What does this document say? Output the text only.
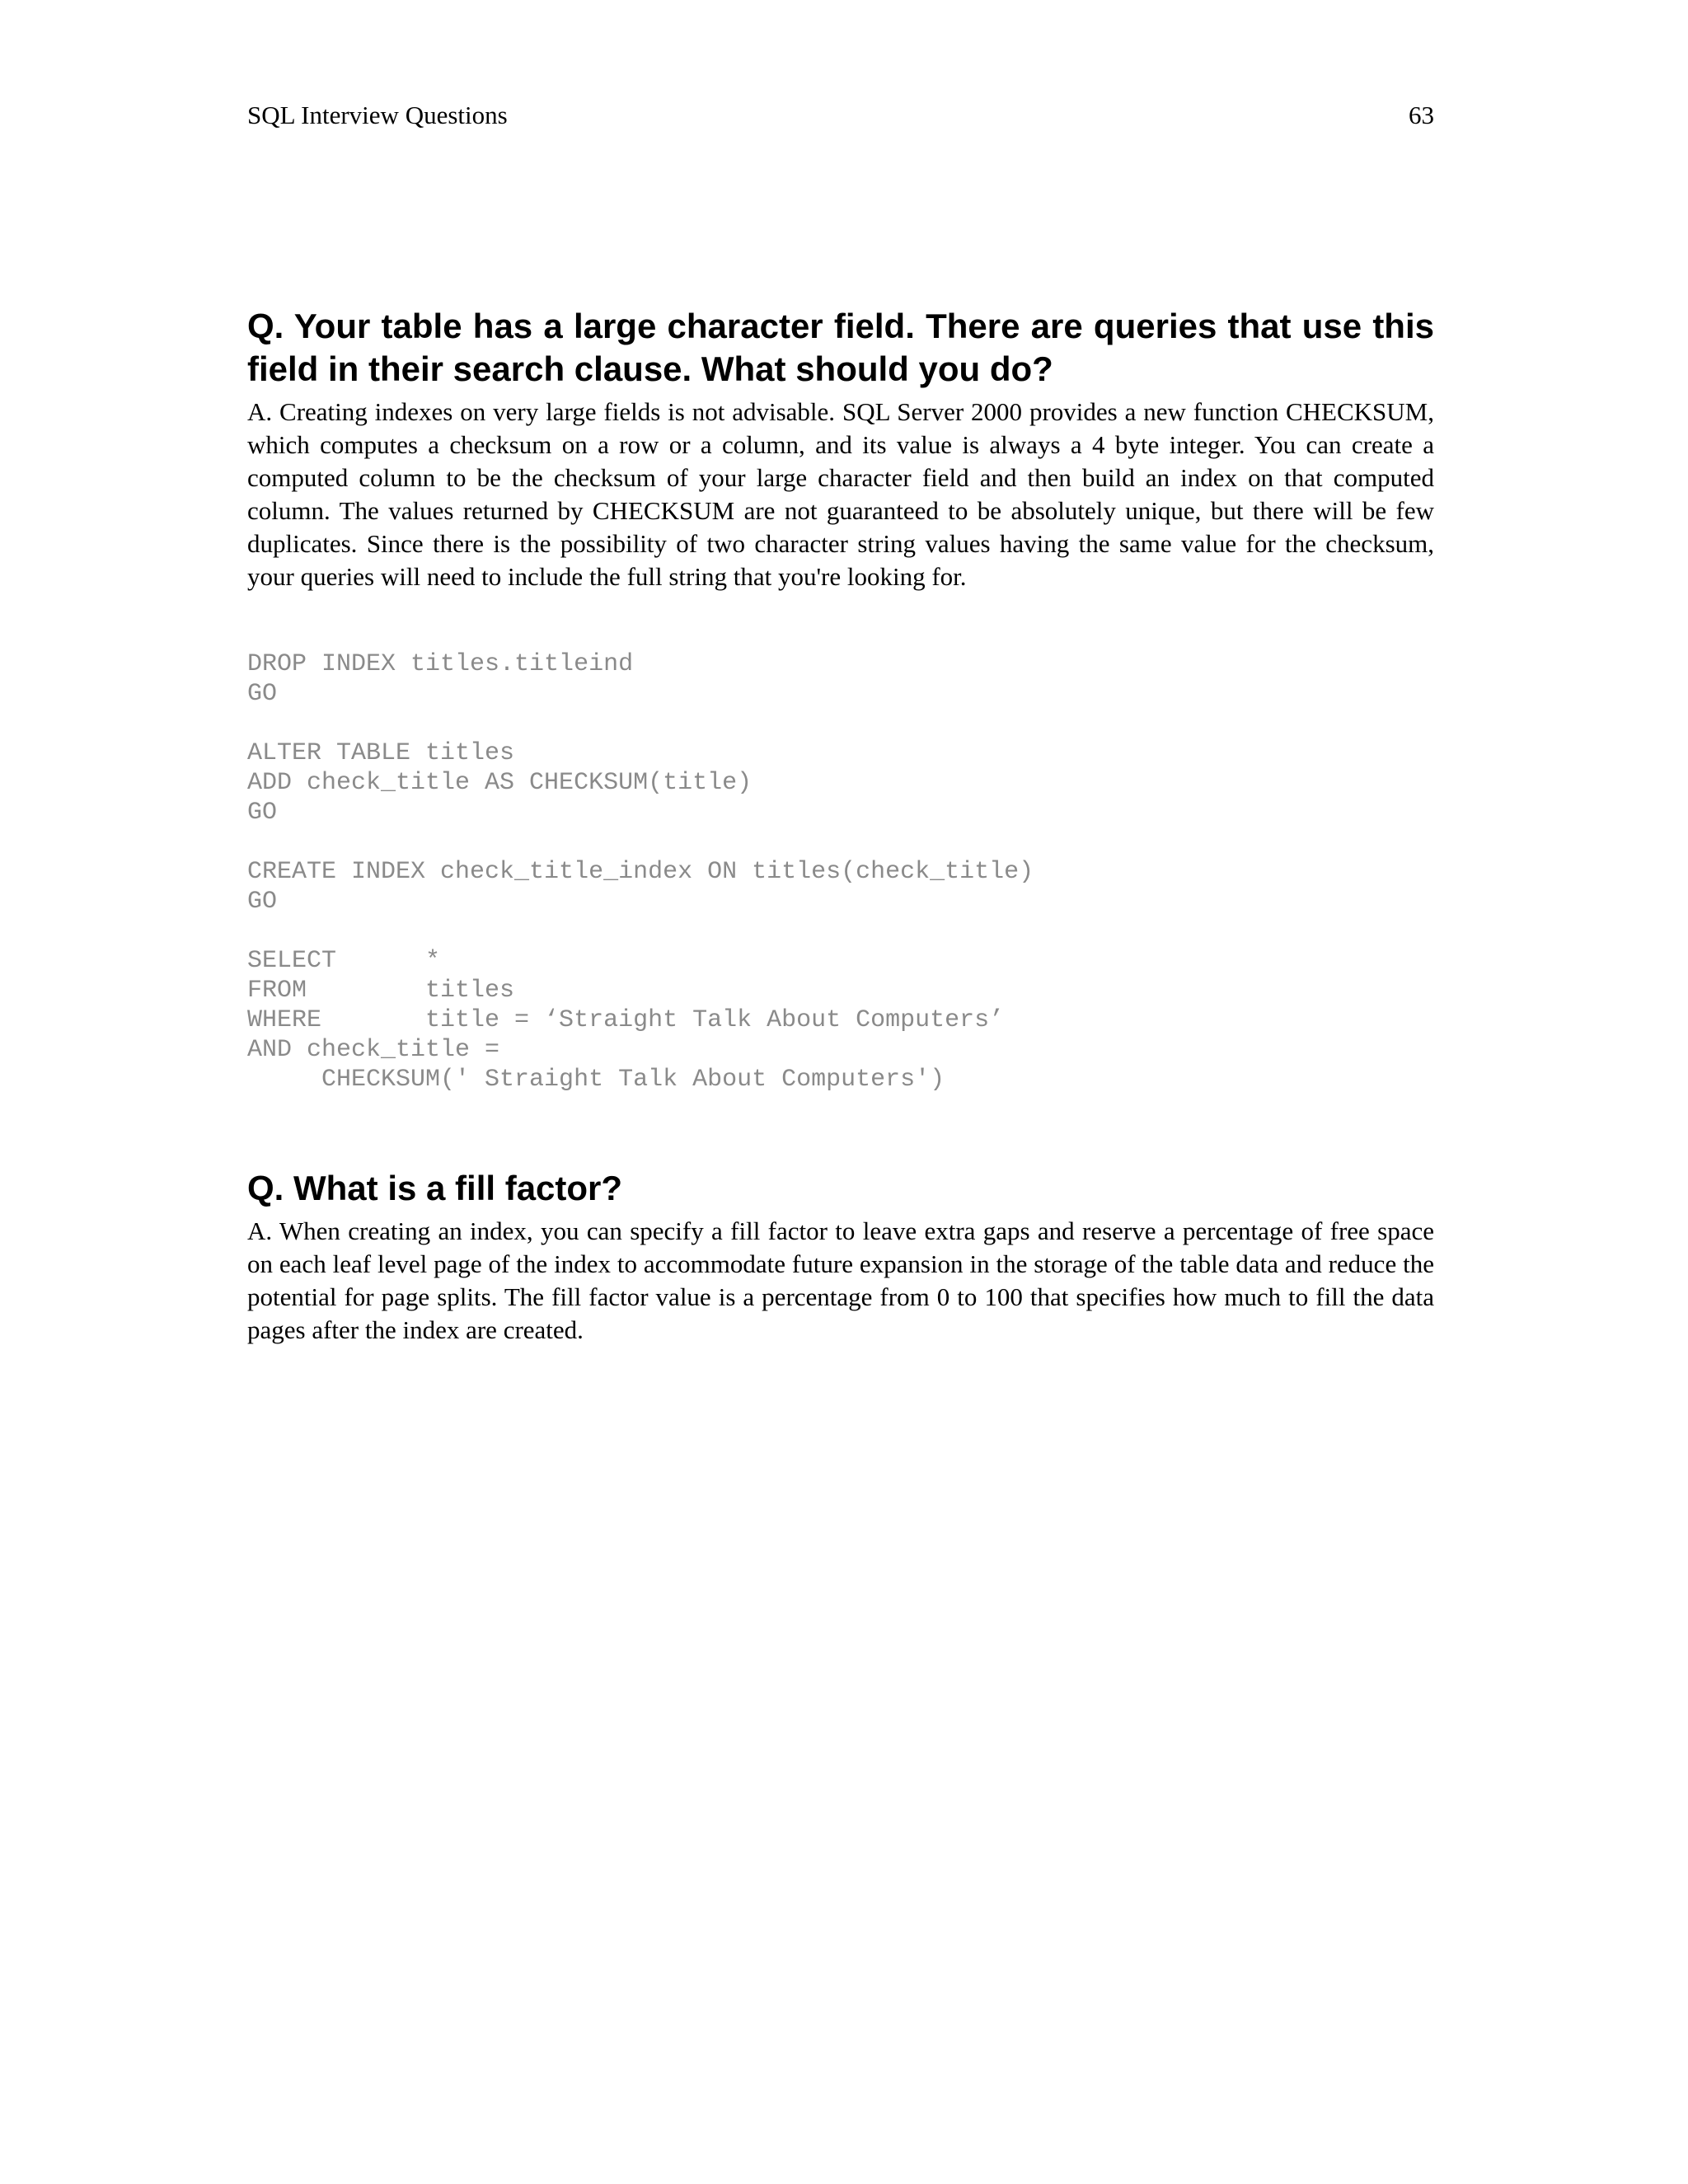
SQL Interview Questions	63
Q. Your table has a large character field. There are queries that use this field in their search clause. What should you do?

A. Creating indexes on very large fields is not advisable. SQL Server 2000 provides a new function CHECKSUM, which computes a checksum on a row or a column, and its value is always a 4 byte integer. You can create a computed column to be the checksum of your large character field and then build an index on that computed column. The values returned by CHECKSUM are not guaranteed to be absolutely unique, but there will be few duplicates. Since there is the possibility of two character string values having the same value for the checksum, your queries will need to include the full string that you're looking for.

DROP INDEX titles.titleind
GO

ALTER TABLE titles
ADD check_title AS CHECKSUM(title)
GO

CREATE INDEX check_title_index ON titles(check_title)
GO

SELECT      *
FROM        titles
WHERE       title = ‘Straight Talk About Computers’
AND check_title =
CHECKSUM(' Straight Talk About Computers')
Q. What is a fill factor?

A. When creating an index, you can specify a fill factor to leave extra gaps and reserve a percentage of free space on each leaf level page of the index to accommodate future expansion in the storage of the table data and reduce the potential for page splits. The fill factor value is a percentage from 0 to 100 that specifies how much to fill the data pages after the index are created.
